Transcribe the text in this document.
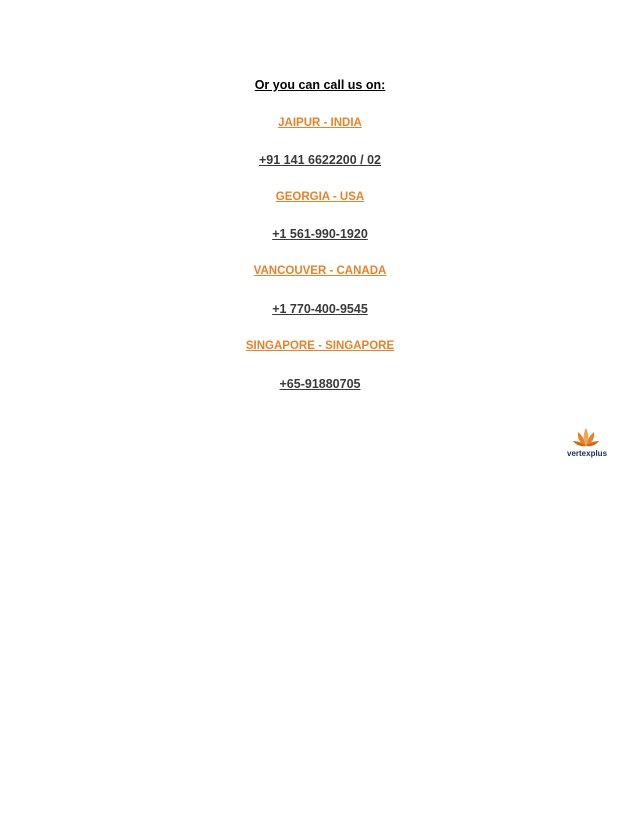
Or you can call us on:
JAIPUR - INDIA
+91 141 6622200 / 02
GEORGIA - USA
+1 561-990-1920
VANCOUVER - CANADA
+1 770-400-9545
SINGAPORE - SINGAPORE
+65-91880705
vertexplus
